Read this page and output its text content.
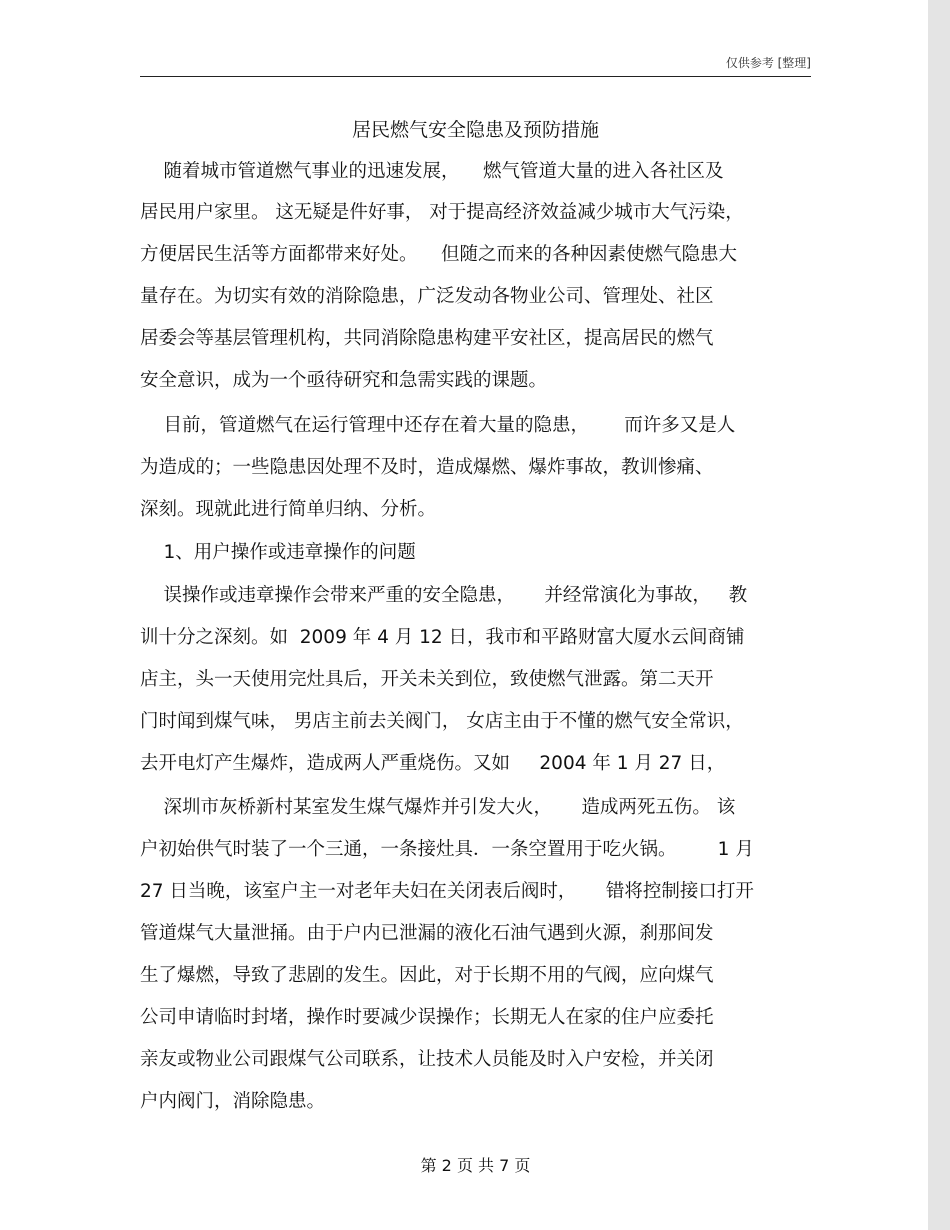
仅供参考 [整理]
居民燃气安全隐患及预防措施
随着城市管道燃气事业的迅速发展，    燃气管道大量的进入各社区及
居民用户家里。 这无疑是件好事， 对于提高经济效益减少城市大气污染，
方便居民生活等方面都带来好处。    但随之而来的各种因素使燃气隐患大
量存在。为切实有效的消除隐患，广泛发动各物业公司、管理处、社区
居委会等基层管理机构，共同消除隐患构建平安社区，提高居民的燃气
安全意识，成为一个亟待研究和急需实践的课题。
目前，管道燃气在运行管理中还存在着大量的隐患，      而许多又是人
为造成的；一些隐患因处理不及时，造成爆燃、爆炸事故，教训惨痛、
深刻。现就此进行简单归纳、分析。
1、用户操作或违章操作的问题
误操作或违章操作会带来严重的安全隐患，     并经常演化为事故，   教
训十分之深刻。如  2009 年 4 月 12 日，我市和平路财富大厦水云间商铺
店主，头一天使用完灶具后，开关未关到位，致使燃气泄露。第二天开
门时闻到煤气味， 男店主前去关阀门， 女店主由于不懂的燃气安全常识，
去开电灯产生爆炸，造成两人严重烧伤。又如     2004 年 1 月 27 日，
深圳市灰桥新村某室发生煤气爆炸并引发大火，     造成两死五伤。 该
户初始供气时装了一个三通，一条接灶具．一条空置用于吃火锅。       1 月
27 日当晚，该室户主一对老年夫妇在关闭表后阀时，     错将控制接口打开
管道煤气大量泄捅。由于户内已泄漏的液化石油气遇到火源，刹那间发
生了爆燃，导致了悲剧的发生。因此，对于长期不用的气阀，应向煤气
公司申请临时封堵，操作时要减少误操作；长期无人在家的住户应委托
亲友或物业公司跟煤气公司联系，让技术人员能及时入户安检，并关闭
户内阀门，消除隐患。
第 2 页 共 7 页
